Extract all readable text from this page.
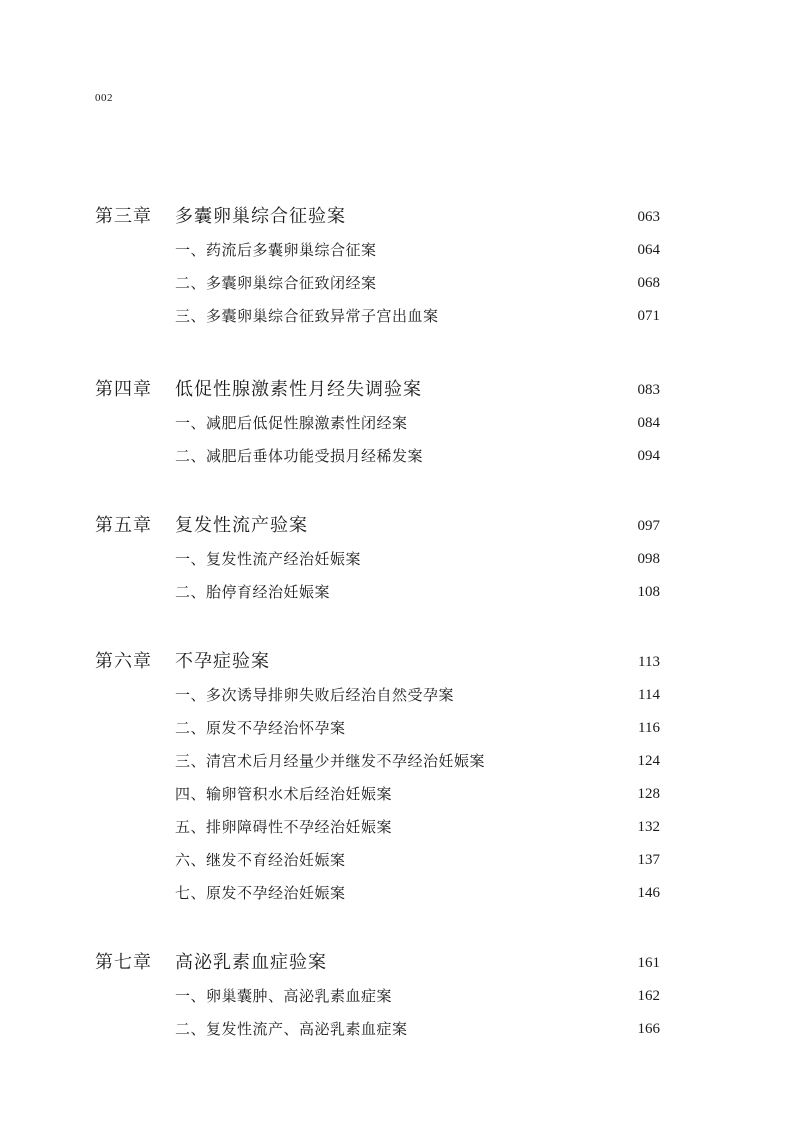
002
第三章 多囊卵巢综合征验案	063
一、药流后多囊卵巢综合征案	064
二、多囊卵巢综合征致闭经案	068
三、多囊卵巢综合征致异常子宫出血案	071
第四章 低促性腺激素性月经失调验案	083
一、减肥后低促性腺激素性闭经案	084
二、减肥后垂体功能受损月经稀发案	094
第五章 复发性流产验案	097
一、复发性流产经治妊娠案	098
二、胎停育经治妊娠案	108
第六章 不孕症验案	113
一、多次诱导排卵失败后经治自然受孕案	114
二、原发不孕经治怀孕案	116
三、清宫术后月经量少并继发不孕经治妊娠案	124
四、输卵管积水术后经治妊娠案	128
五、排卵障碍性不孕经治妊娠案	132
六、继发不育经治妊娠案	137
七、原发不孕经治妊娠案	146
第七章 高泌乳素血症验案	161
一、卵巢囊肿、高泌乳素血症案	162
二、复发性流产、高泌乳素血症案	166
